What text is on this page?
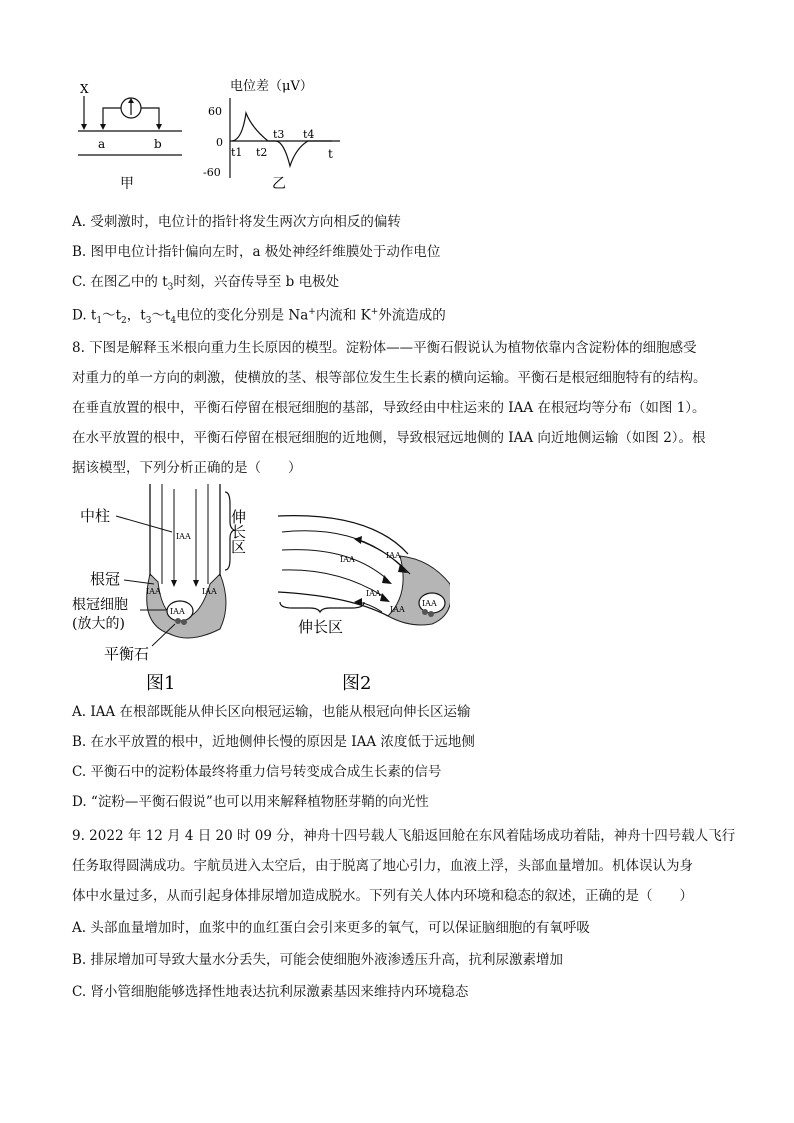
X
a	b
甲
电位差（μV）
60
0
-60
t1 t2
t3 t4
t
乙
A. 受刺激时，电位计的指针将发生两次方向相反的偏转
B. 图甲电位计指针偏向左时，a 极处神经纤维膜处于动作电位
C. 在图乙中的 $t_3$时刻，兴奋传导至 b 电极处
D. $t_1\sim t_2$，$t_3\sim t_4$电位的变化分别是 Na+内流和 K+外流造成的
8. 下图是解释玉米根向重力生长原因的模型。淀粉体——平衡石假说认为植物依靠内含淀粉体的细胞感受
对重力的单一方向的刺激，使横放的茎、根等部位发生生长素的横向运输。平衡石是根冠细胞特有的结构。
在垂直放置的根中，平衡石停留在根冠细胞的基部，导致经由中柱运来的 IAA 在根冠均等分布（如图 1）。
在水平放置的根中，平衡石停留在根冠细胞的近地侧，导致根冠远地侧的 IAA 向近地侧运输（如图 2）。根
据该模型，下列分析正确的是（　　）
IAA
IAA	IAA
IAA
中柱	伸长区
根冠
根冠细胞
(放大的)
平衡石
图1
IAA	IAA
IAA
IAA
IAA
伸长区
图2
A. IAA 在根部既能从伸长区向根冠运输，也能从根冠向伸长区运输
B. 在水平放置的根中，近地侧伸长慢的原因是 IAA 浓度低于远地侧
C. 平衡石中的淀粉体最终将重力信号转变成合成生长素的信号
D. “淀粉—平衡石假说”也可以用来解释植物胚芽鞘的向光性
9. 2022 年 12 月 4 日 20 时 09 分，神舟十四号载人飞船返回舱在东风着陆场成功着陆，神舟十四号载人飞行
任务取得圆满成功。宇航员进入太空后，由于脱离了地心引力，血液上浮，头部血量增加。机体误认为身
体中水量过多，从而引起身体排尿增加造成脱水。下列有关人体内环境和稳态的叙述，正确的是（　　）
A. 头部血量增加时，血浆中的血红蛋白会引来更多的氧气，可以保证脑细胞的有氧呼吸
B. 排尿增加可导致大量水分丢失，可能会使细胞外液渗透压升高，抗利尿激素增加
C. 肾小管细胞能够选择性地表达抗利尿激素基因来维持内环境稳态
